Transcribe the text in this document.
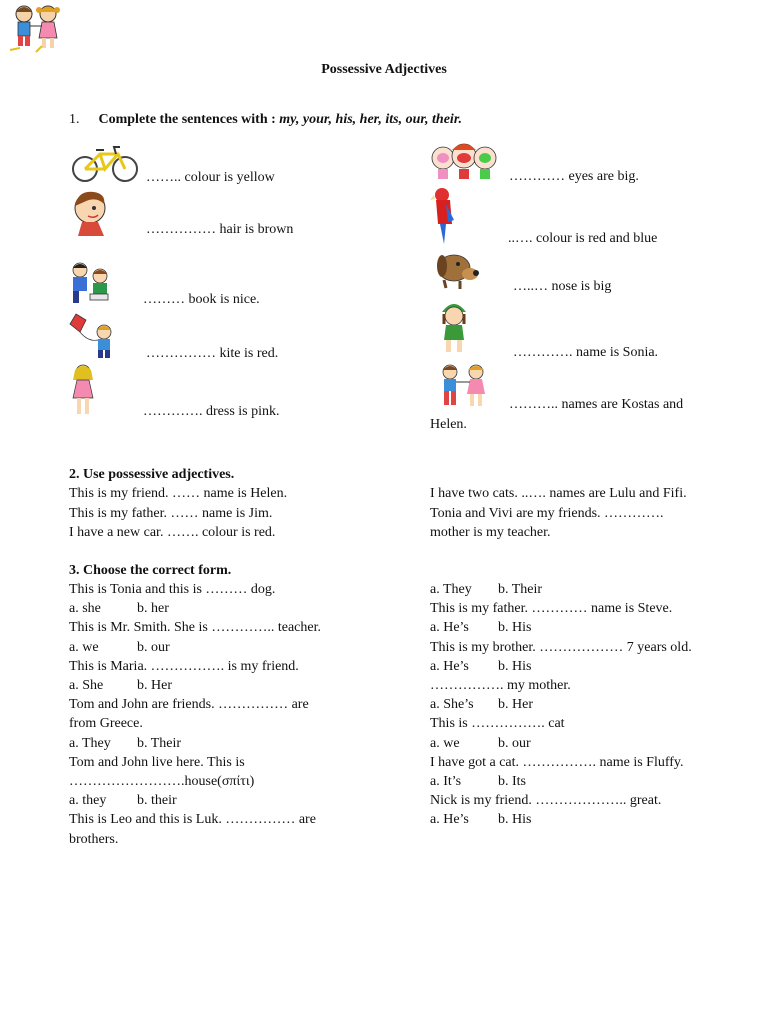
Possessive Adjectives
1. Complete the sentences with : my, your, his, her, its, our, their.
…….. colour is yellow
…………… hair is brown
……… book is nice.
…………… kite is red.
…………. dress is pink.
………… eyes are big.
..…. colour is red and blue
…..… nose is big
…………. name is Sonia.
……….. names are Kostas and
Helen.
2. Use possessive adjectives.
This is my friend. …… name is Helen.
This is my father. …… name is Jim.
I have a new car. ……. colour is red.
I have two cats. ..…. names are Lulu and Fifi.
Tonia and Vivi are my friends. ………….
mother is my teacher.
3. Choose the correct form.
This is Tonia and this is ……… dog.
a. she	b. her
This is Mr. Smith. She is ………….. teacher.
a. we	b. our
This is Maria. ……………. is my friend.
a. She b. Her
Tom and John are friends. …………… are
from Greece.
a. They b. Their
Tom and John live here. This is
…………………….house(σπίτι)
a. they b. their
This is Leo and this is Luk. …………… are
brothers.
a. They b. Their
This is my father. ………… name is Steve.
a. He’s b. His
This is my brother. ……………… 7 years old.
a. He’s b. His
……………. my mother.
a. She’s b. Her
This is ……………. cat
a. we	b. our
I have got a cat. ……………. name is Fluffy.
a. It’s	b. Its
Nick is my friend. ……………….. great.
a. He’s b. His
